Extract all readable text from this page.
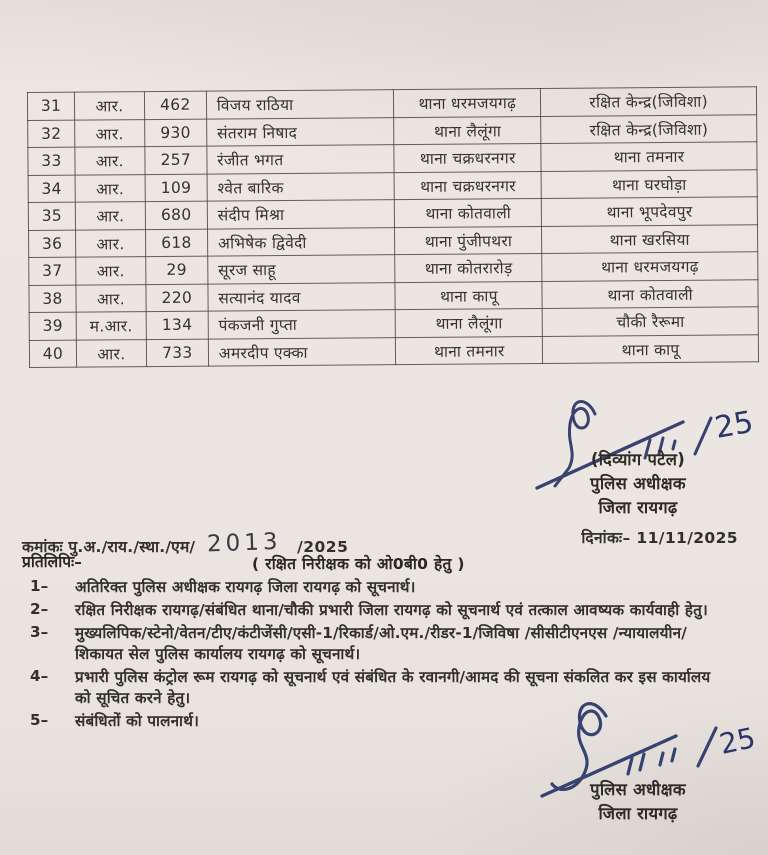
31	आर.	462	विजय राठिया	थाना धरमजयगढ़	रक्षित केन्द्र(जिविशा)
32	आर.	930	संतराम निषाद	थाना लैलूंगा	रक्षित केन्द्र(जिविशा)
33	आर.	257	रंजीत भगत	थाना चक्रधरनगर	थाना तमनार
34	आर.	109	श्वेत बारिक	थाना चक्रधरनगर	थाना घरघोड़ा
35	आर.	680	संदीप मिश्रा	थाना कोतवाली	थाना भूपदेवपुर
36	आर.	618	अभिषेक द्विवेदी	थाना पुंजीपथरा	थाना खरसिया
37	आर.	29	सूरज साहू	थाना कोतरारोड़	थाना धरमजयगढ़
38	आर.	220	सत्यानंद यादव	थाना कापू	थाना कोतवाली
39	म.आर.	134	पंकजनी गुप्ता	थाना लैलूंगा	चौकी रैरूमा
40	आर.	733	अमरदीप एक्का	थाना तमनार	थाना कापू
25
(दिव्यांग पटेल)
पुलिस अधीक्षक
जिला रायगढ़
कमांकः पु.अ./राय./स्था./एम/ 2013 /2025	दिनांकः– 11/11/2025
प्रतिलिपिः–	( रक्षित निरीक्षक को ओ0बी0 हेतु )
1–	अतिरिक्त पुलिस अधीक्षक रायगढ़ जिला रायगढ़ को सूचनार्थ।
2–	रक्षित निरीक्षक रायगढ़/संबंधित थाना/चौकी प्रभारी जिला रायगढ़ को सूचनार्थ एवं तत्काल आवष्यक कार्यवाही हेतु।
3–	मुख्यलिपिक/स्टेनो/वेतन/टीए/कंटीजेंसी/एसी-1/रिकार्ड/ओ.एम./रीडर-1/जिविषा /सीसीटीएनएस /न्यायालयीन/शिकायत सेल पुलिस कार्यालय रायगढ़ को सूचनार्थ।
4–	प्रभारी पुलिस कंट्रोल रूम रायगढ़ को सूचनार्थ एवं संबंधित के रवानगी/आमद की सूचना संकलित कर इस कार्यालय को सूचित करने हेतु।
5–	संबंधितों को पालनार्थ।
25
पुलिस अधीक्षक
जिला रायगढ़
